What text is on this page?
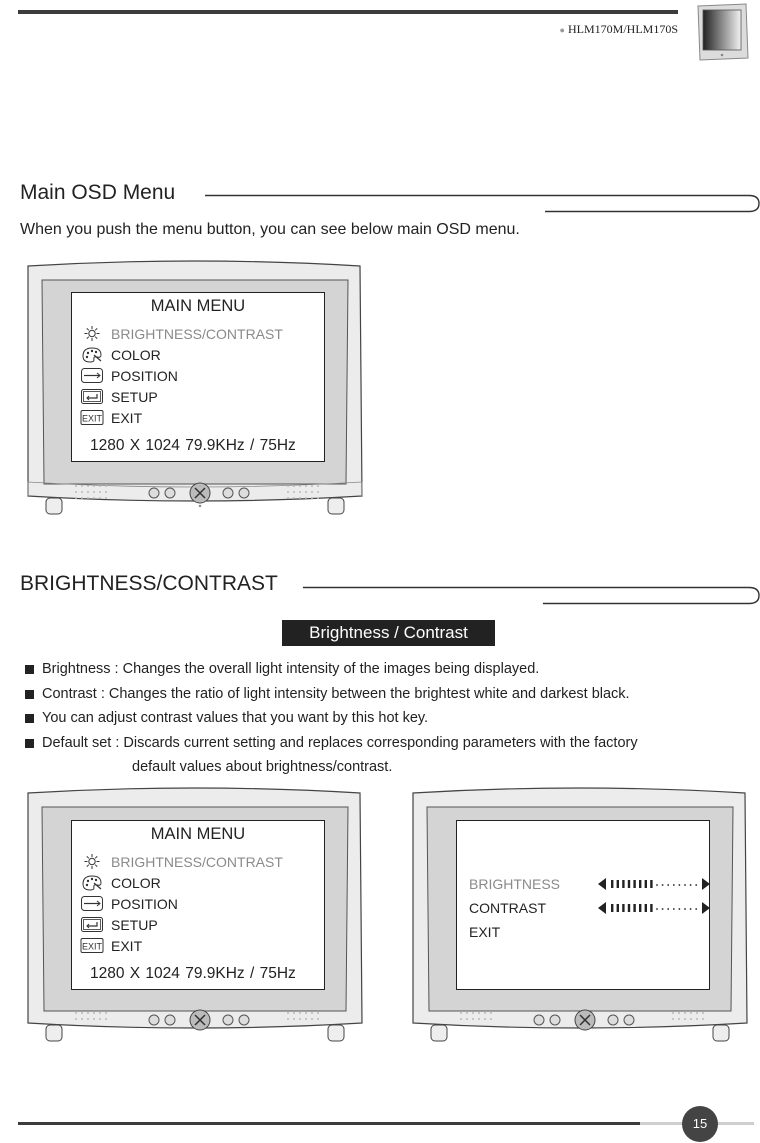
● HLM170M/HLM170S
Main OSD Menu
When you push the menu button, you can see below main OSD menu.
MAIN MENU
BRIGHTNESS/CONTRAST
COLOR
POSITION
SETUP
EXIT EXIT
1280 X 1024 79.9KHz / 75Hz
BRIGHTNESS/CONTRAST
Brightness / Contrast
Brightness : Changes the overall light intensity of the images being displayed.
Contrast : Changes the ratio of light intensity between the brightest white and darkest black.
You can adjust contrast values that you want by this hot key.
Default set : Discards current setting and replaces corresponding parameters with the factory
default values about brightness/contrast.
MAIN MENU
BRIGHTNESS/CONTRAST
COLOR
POSITION
SETUP
EXIT EXIT
1280 X 1024 79.9KHz / 75Hz
BRIGHTNESS
CONTRAST
EXIT
15
